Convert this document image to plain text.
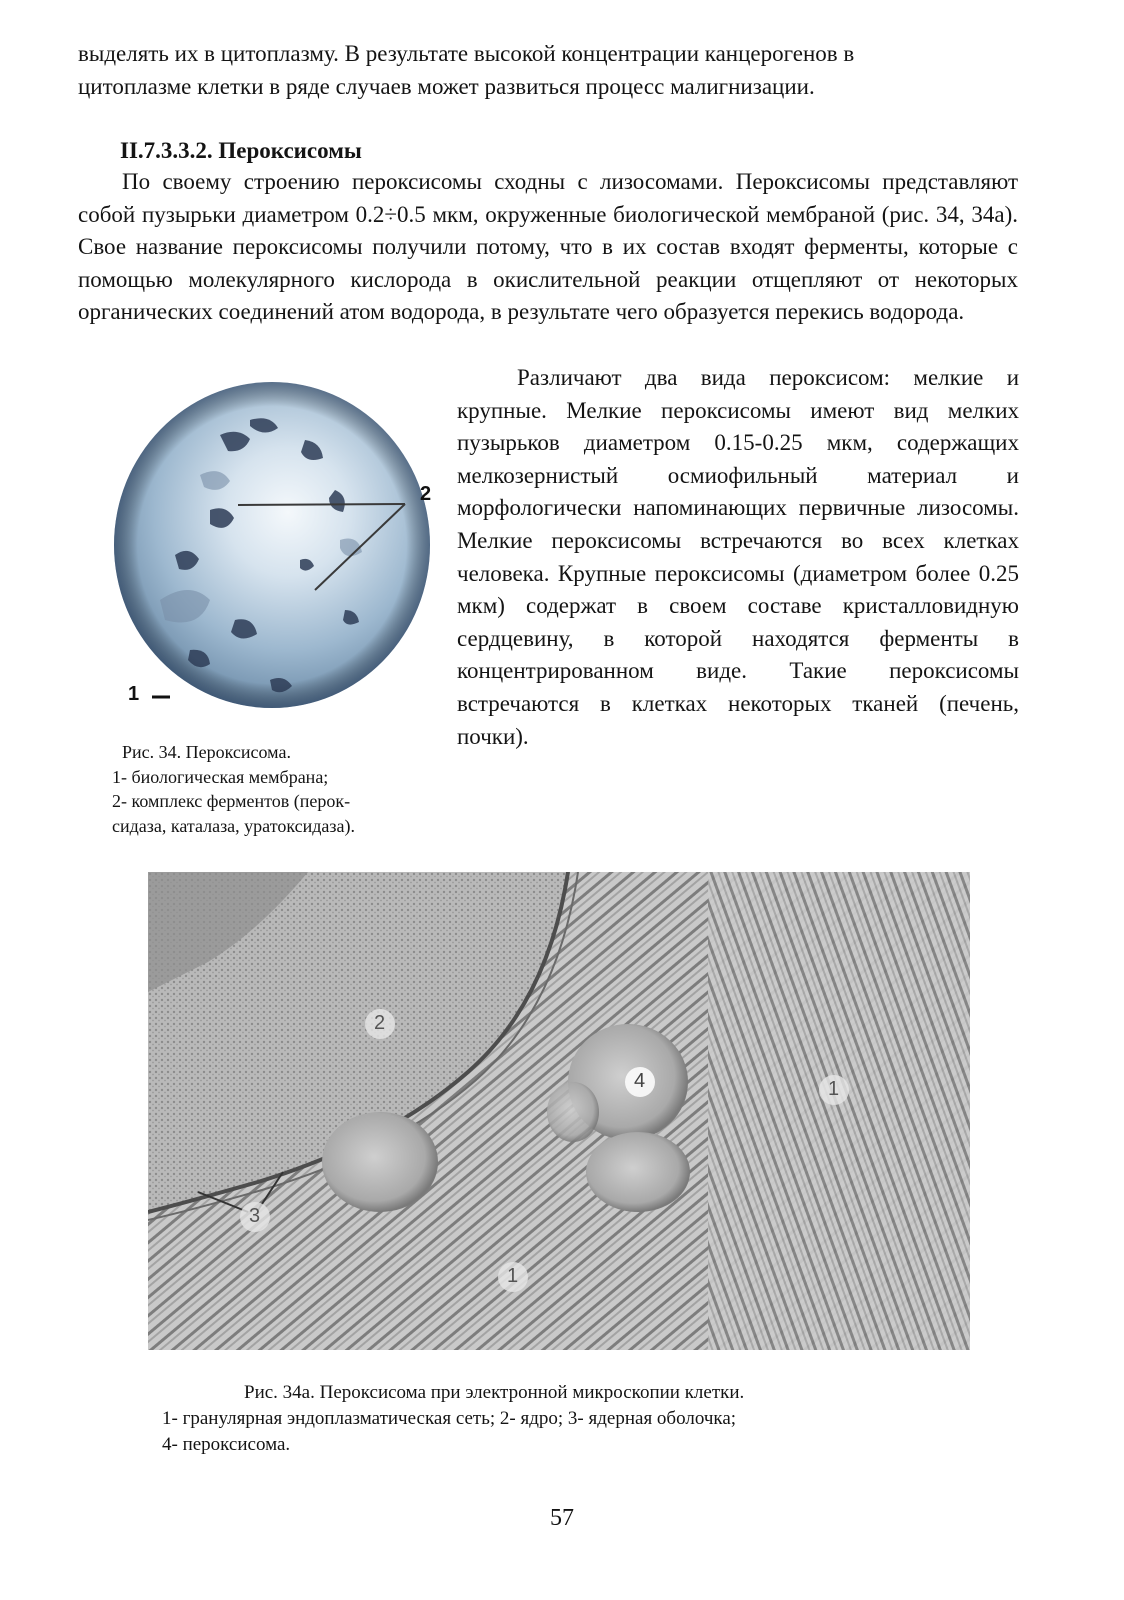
выделять их в цитоплазму. В результате высокой концентрации канцерогенов в
цитоплазме клетки в ряде случаев может развиться процесс малигнизации.
II.7.3.3.2. Пероксисомы

По своему строению пероксисомы сходны с лизосомами. Пероксисомы представляют собой пузырьки диаметром 0.2÷0.5 мкм, окруженные биологической мембраной (рис. 34, 34а). Свое название пероксисомы получили потому, что в их состав входят ферменты, которые с помощью молекулярного кислорода в окислительной реакции отщепляют от некоторых органических соединений атом водорода, в результате чего образуется перекись водорода.

2
1
Рис. 34. Пероксисома.
1- биологическая мембрана;
2- комплекс ферментов (перок-
сидаза, каталаза, уратоксидаза).

Различают два вида пероксисом: мелкие и крупные. Мелкие пероксисомы имеют вид мелких пузырьков диаметром 0.15-0.25 мкм, содержащих мелкозернистый осмиофильный материал и морфологически напоминающих первичные лизосомы. Мелкие пероксисомы встречаются во всех клетках человека. Крупные пероксисомы (диаметром более 0.25 мкм) содержат в своем составе кристалловидную сердцевину, в которой находятся ферменты в концентрированном виде. Такие пероксисомы встречаются в клетках некоторых тканей (печень, почки).

2
4	1
3
1
Рис. 34а. Пероксисома при электронной микроскопии клетки.
1- гранулярная эндоплазматическая сеть; 2- ядро; 3- ядерная оболочка;
4- пероксисома.
57
